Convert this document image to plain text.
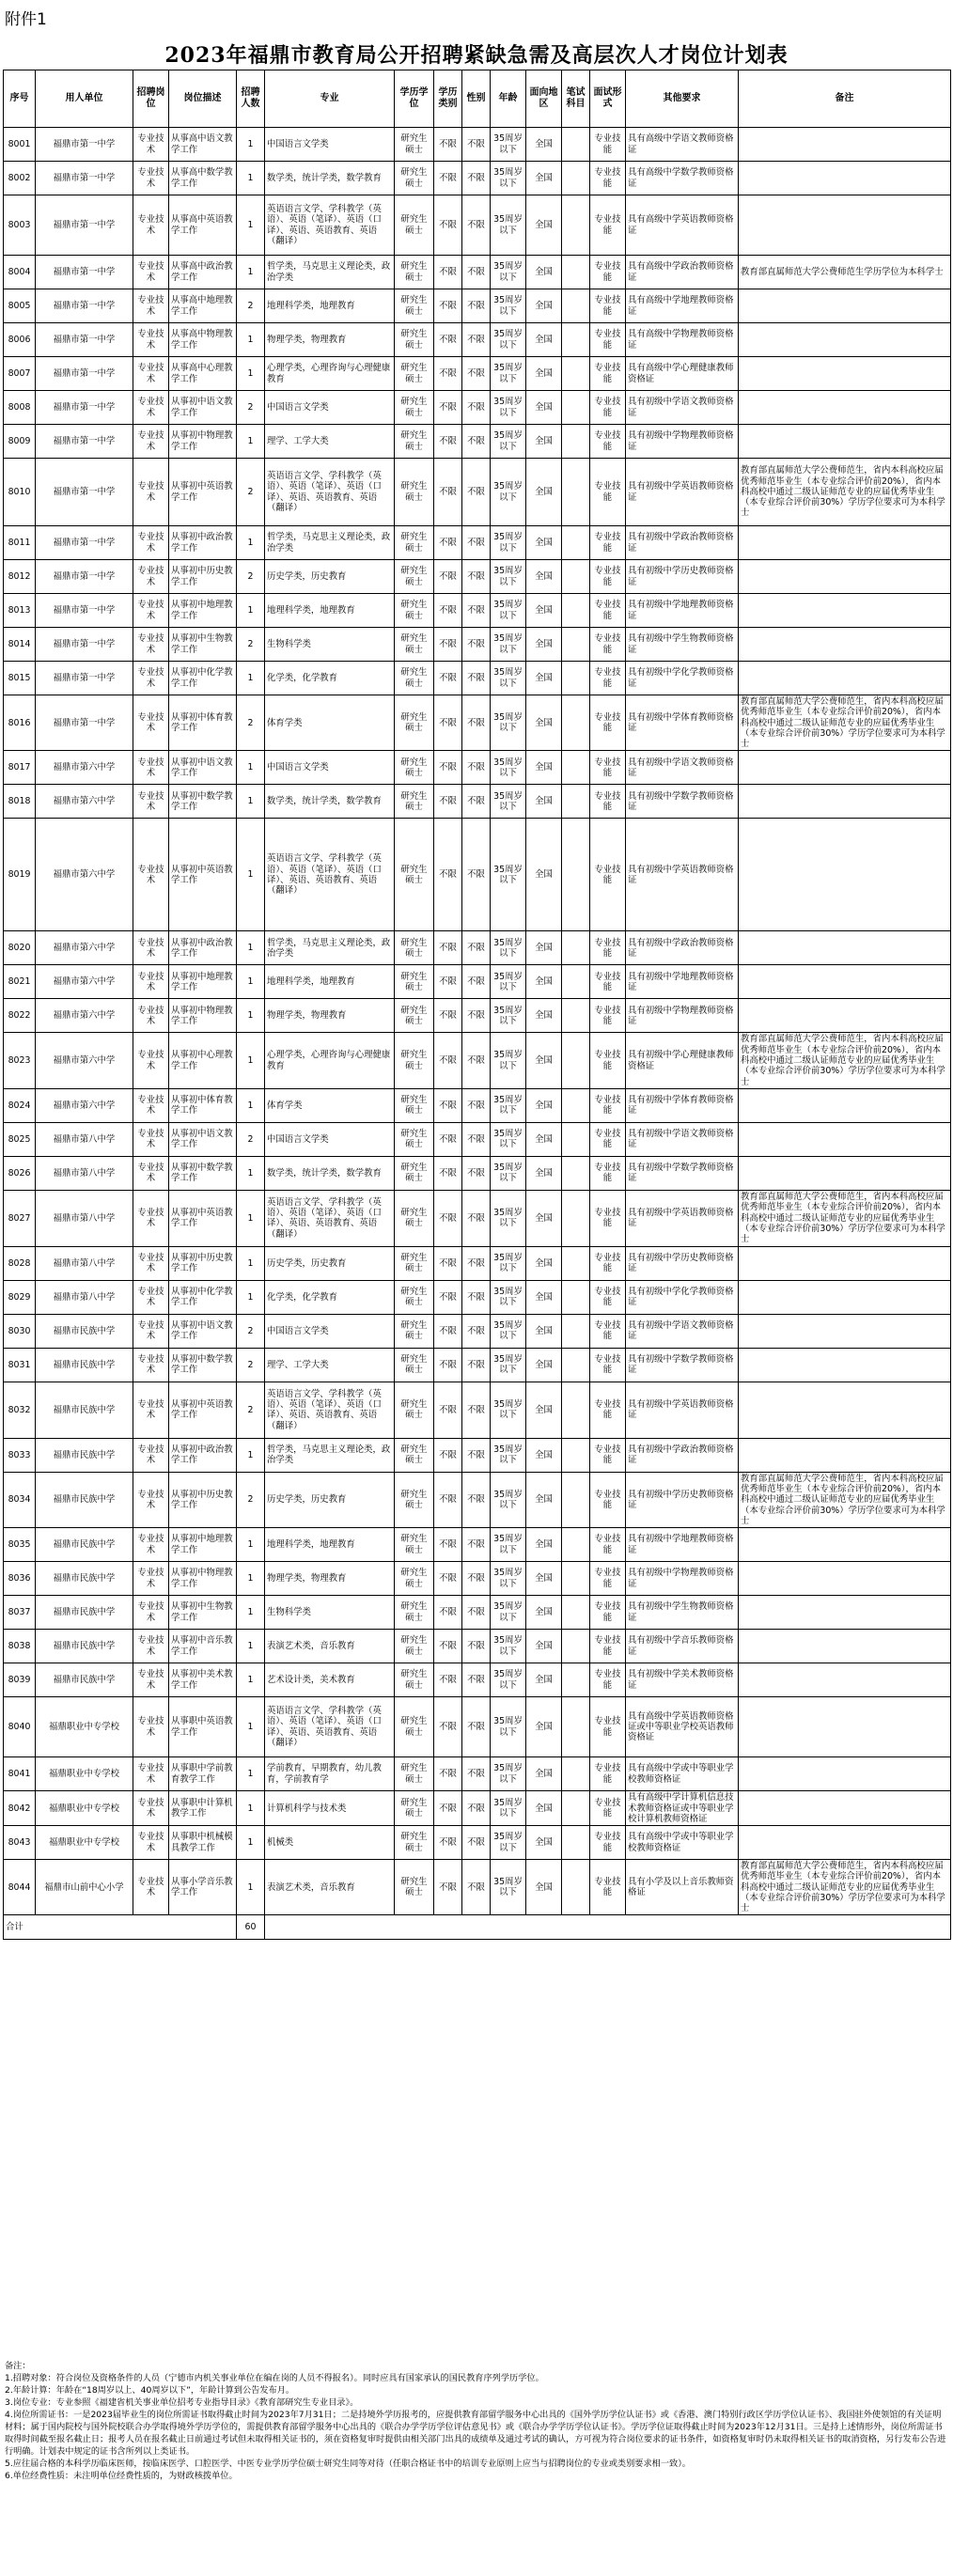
附件1
2023年福鼎市教育局公开招聘紧缺急需及高层次人才岗位计划表
序号	用人单位	招聘岗位	岗位描述	招聘人数	专业	学历学位	学历类别	性别	年龄	面向地区	笔试科目	面试形式	其他要求	备注
8001	福鼎市第一中学	专业技术	从事高中语文教学工作	1	中国语言文学类	研究生硕士	不限	不限	35周岁以下	全国		专业技能	具有高级中学语文教师资格证	
8002	福鼎市第一中学	专业技术	从事高中数学教学工作	1	数学类，统计学类，数学教育	研究生硕士	不限	不限	35周岁以下	全国		专业技能	具有高级中学数学教师资格证	
8003	福鼎市第一中学	专业技术	从事高中英语教学工作	1	英语语言文学、学科教学（英语）、英语（笔译）、英语（口译）、英语、英语教育、英语（翻译）	研究生硕士	不限	不限	35周岁以下	全国		专业技能	具有高级中学英语教师资格证	
8004	福鼎市第一中学	专业技术	从事高中政治教学工作	1	哲学类，马克思主义理论类，政治学类	研究生硕士	不限	不限	35周岁以下	全国		专业技能	具有高级中学政治教师资格证	教育部直属师范大学公费师范生学历学位为本科学士
8005	福鼎市第一中学	专业技术	从事高中地理教学工作	2	地理科学类，地理教育	研究生硕士	不限	不限	35周岁以下	全国		专业技能	具有高级中学地理教师资格证	
8006	福鼎市第一中学	专业技术	从事高中物理教学工作	1	物理学类，物理教育	研究生硕士	不限	不限	35周岁以下	全国		专业技能	具有高级中学物理教师资格证	
8007	福鼎市第一中学	专业技术	从事高中心理教学工作	1	心理学类，心理咨询与心理健康教育	研究生硕士	不限	不限	35周岁以下	全国		专业技能	具有高级中学心理健康教师资格证	
8008	福鼎市第一中学	专业技术	从事初中语文教学工作	2	中国语言文学类	研究生硕士	不限	不限	35周岁以下	全国		专业技能	具有初级中学语文教师资格证	
8009	福鼎市第一中学	专业技术	从事初中物理教学工作	1	理学、工学大类	研究生硕士	不限	不限	35周岁以下	全国		专业技能	具有初级中学物理教师资格证	
8010	福鼎市第一中学	专业技术	从事初中英语教学工作	2	英语语言文学、学科教学（英语）、英语（笔译）、英语（口译）、英语、英语教育、英语（翻译）	研究生硕士	不限	不限	35周岁以下	全国		专业技能	具有初级中学英语教师资格证	教育部直属师范大学公费师范生，省内本科高校应届优秀师范毕业生（本专业综合评价前20%），省内本科高校中通过二级认证师范专业的应届优秀毕业生（本专业综合评价前30%）学历学位要求可为本科学士
8011	福鼎市第一中学	专业技术	从事初中政治教学工作	1	哲学类，马克思主义理论类，政治学类	研究生硕士	不限	不限	35周岁以下	全国		专业技能	具有初级中学政治教师资格证	
8012	福鼎市第一中学	专业技术	从事初中历史教学工作	2	历史学类，历史教育	研究生硕士	不限	不限	35周岁以下	全国		专业技能	具有初级中学历史教师资格证	
8013	福鼎市第一中学	专业技术	从事初中地理教学工作	1	地理科学类，地理教育	研究生硕士	不限	不限	35周岁以下	全国		专业技能	具有初级中学地理教师资格证	
8014	福鼎市第一中学	专业技术	从事初中生物教学工作	2	生物科学类	研究生硕士	不限	不限	35周岁以下	全国		专业技能	具有初级中学生物教师资格证	
8015	福鼎市第一中学	专业技术	从事初中化学教学工作	1	化学类，化学教育	研究生硕士	不限	不限	35周岁以下	全国		专业技能	具有初级中学化学教师资格证	
8016	福鼎市第一中学	专业技术	从事初中体育教学工作	2	体育学类	研究生硕士	不限	不限	35周岁以下	全国		专业技能	具有初级中学体育教师资格证	教育部直属师范大学公费师范生，省内本科高校应届优秀师范毕业生（本专业综合评价前20%），省内本科高校中通过二级认证师范专业的应届优秀毕业生（本专业综合评价前30%）学历学位要求可为本科学士
8017	福鼎市第六中学	专业技术	从事初中语文教学工作	1	中国语言文学类	研究生硕士	不限	不限	35周岁以下	全国		专业技能	具有初级中学语文教师资格证	
8018	福鼎市第六中学	专业技术	从事初中数学教学工作	1	数学类，统计学类，数学教育	研究生硕士	不限	不限	35周岁以下	全国		专业技能	具有初级中学数学教师资格证	
8019	福鼎市第六中学	专业技术	从事初中英语教学工作	1	英语语言文学、学科教学（英语）、英语（笔译）、英语（口译）、英语、英语教育、英语（翻译）	研究生硕士	不限	不限	35周岁以下	全国		专业技能	具有初级中学英语教师资格证	
8020	福鼎市第六中学	专业技术	从事初中政治教学工作	1	哲学类，马克思主义理论类，政治学类	研究生硕士	不限	不限	35周岁以下	全国		专业技能	具有初级中学政治教师资格证	
8021	福鼎市第六中学	专业技术	从事初中地理教学工作	1	地理科学类，地理教育	研究生硕士	不限	不限	35周岁以下	全国		专业技能	具有初级中学地理教师资格证	
8022	福鼎市第六中学	专业技术	从事初中物理教学工作	1	物理学类，物理教育	研究生硕士	不限	不限	35周岁以下	全国		专业技能	具有初级中学物理教师资格证	
8023	福鼎市第六中学	专业技术	从事初中心理教学工作	1	心理学类，心理咨询与心理健康教育	研究生硕士	不限	不限	35周岁以下	全国		专业技能	具有初级中学心理健康教师资格证	教育部直属师范大学公费师范生，省内本科高校应届优秀师范毕业生（本专业综合评价前20%），省内本科高校中通过二级认证师范专业的应届优秀毕业生（本专业综合评价前30%）学历学位要求可为本科学士
8024	福鼎市第六中学	专业技术	从事初中体育教学工作	1	体育学类	研究生硕士	不限	不限	35周岁以下	全国		专业技能	具有初级中学体育教师资格证	
8025	福鼎市第八中学	专业技术	从事初中语文教学工作	2	中国语言文学类	研究生硕士	不限	不限	35周岁以下	全国		专业技能	具有初级中学语文教师资格证	
8026	福鼎市第八中学	专业技术	从事初中数学教学工作	1	数学类，统计学类，数学教育	研究生硕士	不限	不限	35周岁以下	全国		专业技能	具有初级中学数学教师资格证	
8027	福鼎市第八中学	专业技术	从事初中英语教学工作	1	英语语言文学、学科教学（英语）、英语（笔译）、英语（口译）、英语、英语教育、英语（翻译）	研究生硕士	不限	不限	35周岁以下	全国		专业技能	具有初级中学英语教师资格证	教育部直属师范大学公费师范生，省内本科高校应届优秀师范毕业生（本专业综合评价前20%），省内本科高校中通过二级认证师范专业的应届优秀毕业生（本专业综合评价前30%）学历学位要求可为本科学士
8028	福鼎市第八中学	专业技术	从事初中历史教学工作	1	历史学类，历史教育	研究生硕士	不限	不限	35周岁以下	全国		专业技能	具有初级中学历史教师资格证	
8029	福鼎市第八中学	专业技术	从事初中化学教学工作	1	化学类，化学教育	研究生硕士	不限	不限	35周岁以下	全国		专业技能	具有初级中学化学教师资格证	
8030	福鼎市民族中学	专业技术	从事初中语文教学工作	2	中国语言文学类	研究生硕士	不限	不限	35周岁以下	全国		专业技能	具有初级中学语文教师资格证	
8031	福鼎市民族中学	专业技术	从事初中数学教学工作	2	理学、工学大类	研究生硕士	不限	不限	35周岁以下	全国		专业技能	具有初级中学数学教师资格证	
8032	福鼎市民族中学	专业技术	从事初中英语教学工作	2	英语语言文学、学科教学（英语）、英语（笔译）、英语（口译）、英语、英语教育、英语（翻译）	研究生硕士	不限	不限	35周岁以下	全国		专业技能	具有初级中学英语教师资格证	
8033	福鼎市民族中学	专业技术	从事初中政治教学工作	1	哲学类，马克思主义理论类，政治学类	研究生硕士	不限	不限	35周岁以下	全国		专业技能	具有初级中学政治教师资格证	
8034	福鼎市民族中学	专业技术	从事初中历史教学工作	2	历史学类，历史教育	研究生硕士	不限	不限	35周岁以下	全国		专业技能	具有初级中学历史教师资格证	教育部直属师范大学公费师范生，省内本科高校应届优秀师范毕业生（本专业综合评价前20%），省内本科高校中通过二级认证师范专业的应届优秀毕业生（本专业综合评价前30%）学历学位要求可为本科学士
8035	福鼎市民族中学	专业技术	从事初中地理教学工作	1	地理科学类，地理教育	研究生硕士	不限	不限	35周岁以下	全国		专业技能	具有初级中学地理教师资格证	
8036	福鼎市民族中学	专业技术	从事初中物理教学工作	1	物理学类，物理教育	研究生硕士	不限	不限	35周岁以下	全国		专业技能	具有初级中学物理教师资格证	
8037	福鼎市民族中学	专业技术	从事初中生物教学工作	1	生物科学类	研究生硕士	不限	不限	35周岁以下	全国		专业技能	具有初级中学生物教师资格证	
8038	福鼎市民族中学	专业技术	从事初中音乐教学工作	1	表演艺术类，音乐教育	研究生硕士	不限	不限	35周岁以下	全国		专业技能	具有初级中学音乐教师资格证	
8039	福鼎市民族中学	专业技术	从事初中美术教学工作	1	艺术设计类，美术教育	研究生硕士	不限	不限	35周岁以下	全国		专业技能	具有初级中学美术教师资格证	
8040	福鼎职业中专学校	专业技术	从事职中英语教学工作	1	英语语言文学、学科教学（英语）、英语（笔译）、英语（口译）、英语、英语教育、英语（翻译）	研究生硕士	不限	不限	35周岁以下	全国		专业技能	具有高级中学英语教师资格证或中等职业学校英语教师资格证	
8041	福鼎职业中专学校	专业技术	从事职中学前教育教学工作	1	学前教育，早期教育，幼儿教育，学前教育学	研究生硕士	不限	不限	35周岁以下	全国		专业技能	具有高级中学或中等职业学校教师资格证	
8042	福鼎职业中专学校	专业技术	从事职中计算机教学工作	1	计算机科学与技术类	研究生硕士	不限	不限	35周岁以下	全国		专业技能	具有高级中学计算机信息技术教师资格证或中等职业学校计算机教师资格证	
8043	福鼎职业中专学校	专业技术	从事职中机械模具教学工作	1	机械类	研究生硕士	不限	不限	35周岁以下	全国		专业技能	具有高级中学或中等职业学校教师资格证	
8044	福鼎市山前中心小学	专业技术	从事小学音乐教学工作	1	表演艺术类，音乐教育	研究生硕士	不限	不限	35周岁以下	全国		专业技能	具有小学及以上音乐教师资格证	教育部直属师范大学公费师范生，省内本科高校应届优秀师范毕业生（本专业综合评价前20%），省内本科高校中通过二级认证师范专业的应届优秀毕业生（本专业综合评价前30%）学历学位要求可为本科学士
合计				60										

备注：

1.招聘对象：符合岗位及资格条件的人员（宁德市内机关事业单位在编在岗的人员不得报名）。同时应具有国家承认的国民教育序列学历学位。

2.年龄计算：年龄在“18周岁以上、40周岁以下”，年龄计算到公告发布月。

3.岗位专业：专业参照《福建省机关事业单位招考专业指导目录》《教育部研究生专业目录》。

4.岗位所需证书：一是2023届毕业生的岗位所需证书取得截止时间为2023年7月31日；二是持境外学历报考的，应提供教育部留学服务中心出具的《国外学历学位认证书》或《香港、澳门特别行政区学历学位认证书》、我国驻外使领馆的有关证明材料；属于国内院校与国外院校联合办学取得境外学历学位的，需提供教育部留学服务中心出具的《联合办学学历学位评估意见书》或《联合办学学历学位认证书》。学历学位证取得截止时间为2023年12月31日。三是持上述情形外，岗位所需证书取得时间截至报名截止日；报考人员在报名截止日前通过考试但未取得相关证书的，须在资格复审时提供由相关部门出具的成绩单及通过考试的确认，方可视为符合岗位要求的证书条件，如资格复审时仍未取得相关证书的取消资格，另行发布公告进行明确。计划表中规定的证书含所列以上类证书。

5.应往届合格的本科学历临床医师，按临床医学、口腔医学、中医专业学历学位硕士研究生同等对待（任职合格证书中的培训专业原则上应当与招聘岗位的专业或类别要求相一致）。

6.单位经费性质：未注明单位经费性质的，为财政核拨单位。
